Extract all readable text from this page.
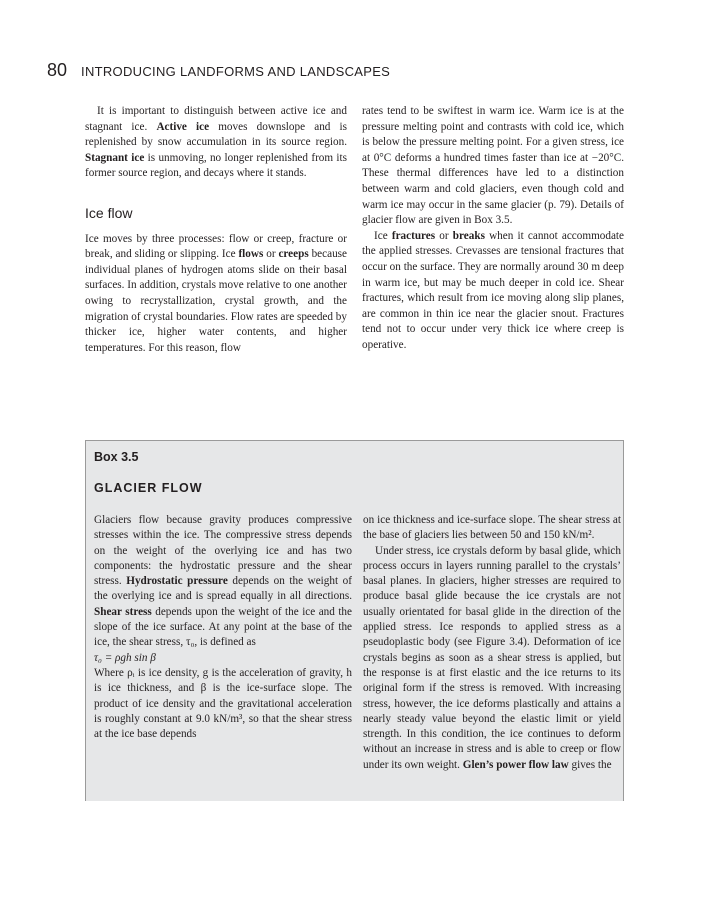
80 INTRODUCING LANDFORMS AND LANDSCAPES

It is important to distinguish between active ice and stagnant ice. Active ice moves downslope and is replenished by snow accumulation in its source region. Stagnant ice is unmoving, no longer replenished from its former source region, and decays where it stands.

Ice flow

Ice moves by three processes: flow or creep, fracture or break, and sliding or slipping. Ice flows or creeps because individual planes of hydrogen atoms slide on their basal surfaces. In addition, crystals move relative to one another owing to recrystallization, crystal growth, and the migration of crystal boundaries. Flow rates are speeded by thicker ice, higher water contents, and higher temperatures. For this reason, flow

rates tend to be swiftest in warm ice. Warm ice is at the pressure melting point and contrasts with cold ice, which is below the pressure melting point. For a given stress, ice at 0°C deforms a hundred times faster than ice at −20°C. These thermal differences have led to a distinction between warm and cold glaciers, even though cold and warm ice may occur in the same glacier (p. 79). Details of glacier flow are given in Box 3.5.

Ice fractures or breaks when it cannot accommodate the applied stresses. Crevasses are tensional fractures that occur on the surface. They are normally around 30 m deep in warm ice, but may be much deeper in cold ice. Shear fractures, which result from ice moving along slip planes, are common in thin ice near the glacier snout. Fractures tend not to occur under very thick ice where creep is operative.

Box 3.5
GLACIER FLOW

Glaciers flow because gravity produces compressive stresses within the ice. The compressive stress depends on the weight of the overlying ice and has two components: the hydrostatic pressure and the shear stress. Hydrostatic pressure depends on the weight of the overlying ice and is spread equally in all directions. Shear stress depends upon the weight of the ice and the slope of the ice surface. At any point at the base of the ice, the shear stress, τ₀, is defined as

τ₀ = ρgh sin β

Where ρᵢ is ice density, g is the acceleration of gravity, h is ice thickness, and β is the ice-surface slope. The product of ice density and the gravitational acceleration is roughly constant at 9.0 kN/m³, so that the shear stress at the ice base depends

on ice thickness and ice-surface slope. The shear stress at the base of glaciers lies between 50 and 150 kN/m².

Under stress, ice crystals deform by basal glide, which process occurs in layers running parallel to the crystals’ basal planes. In glaciers, higher stresses are required to produce basal glide because the ice crystals are not usually orientated for basal glide in the direction of the applied stress. Ice responds to applied stress as a pseudoplastic body (see Figure 3.4). Deformation of ice crystals begins as soon as a shear stress is applied, but the response is at first elastic and the ice returns to its original form if the stress is removed. With increasing stress, however, the ice deforms plastically and attains a nearly steady value beyond the elastic limit or yield strength. In this condition, the ice continues to deform without an increase in stress and is able to creep or flow under its own weight. Glen’s power flow law gives the
